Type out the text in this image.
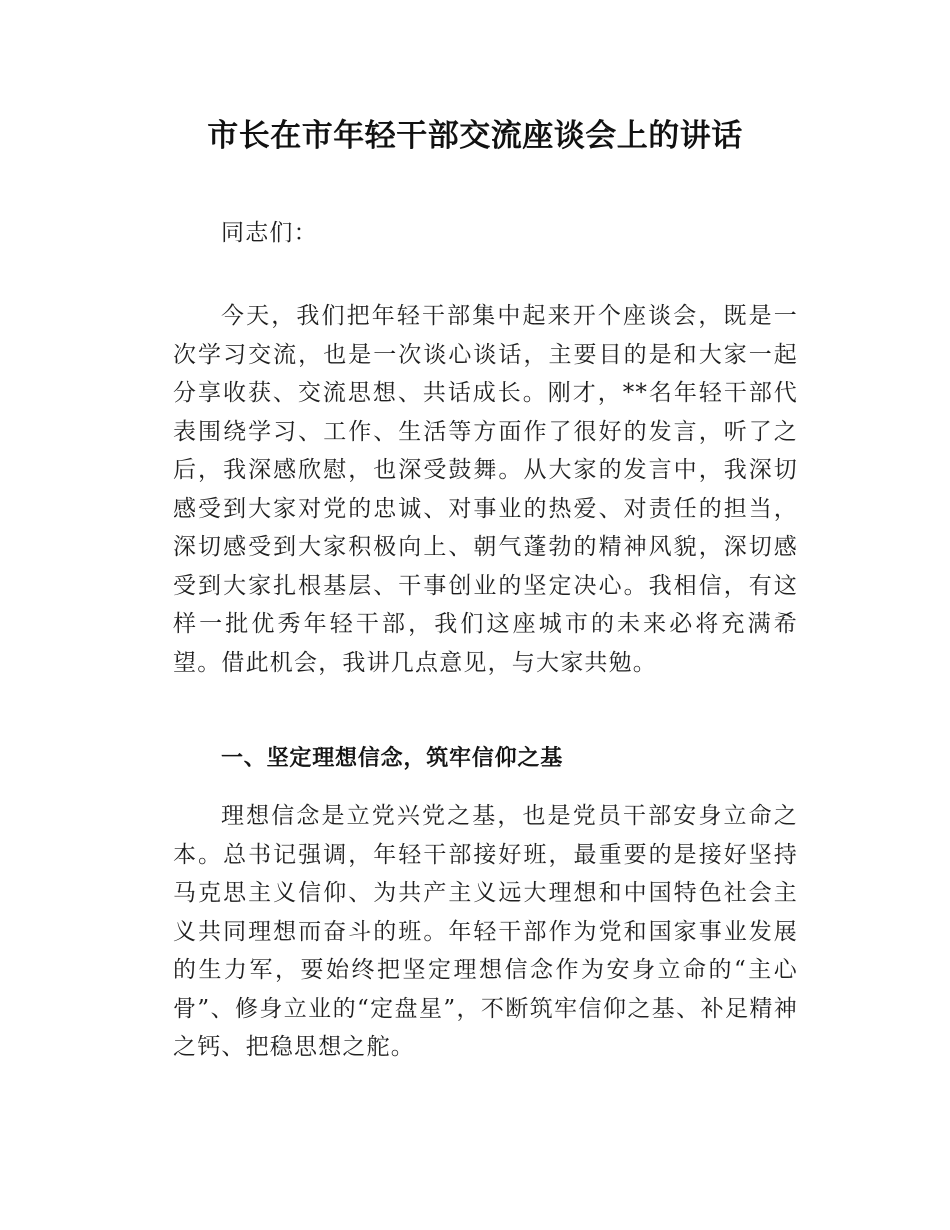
市长在市年轻干部交流座谈会上的讲话

同志们：

今天，我们把年轻干部集中起来开个座谈会，既是一次学习交流，也是一次谈心谈话，主要目的是和大家一起分享收获、交流思想、共话成长。刚才，**名年轻干部代表围绕学习、工作、生活等方面作了很好的发言，听了之后，我深感欣慰，也深受鼓舞。从大家的发言中，我深切感受到大家对党的忠诚、对事业的热爱、对责任的担当，深切感受到大家积极向上、朝气蓬勃的精神风貌，深切感受到大家扎根基层、干事创业的坚定决心。我相信，有这样一批优秀年轻干部，我们这座城市的未来必将充满希望。借此机会，我讲几点意见，与大家共勉。

一、坚定理想信念，筑牢信仰之基

理想信念是立党兴党之基，也是党员干部安身立命之本。总书记强调，年轻干部接好班，最重要的是接好坚持马克思主义信仰、为共产主义远大理想和中国特色社会主义共同理想而奋斗的班。年轻干部作为党和国家事业发展的生力军，要始终把坚定理想信念作为安身立命的“主心骨”、修身立业的“定盘星”，不断筑牢信仰之基、补足精神之钙、把稳思想之舵。
